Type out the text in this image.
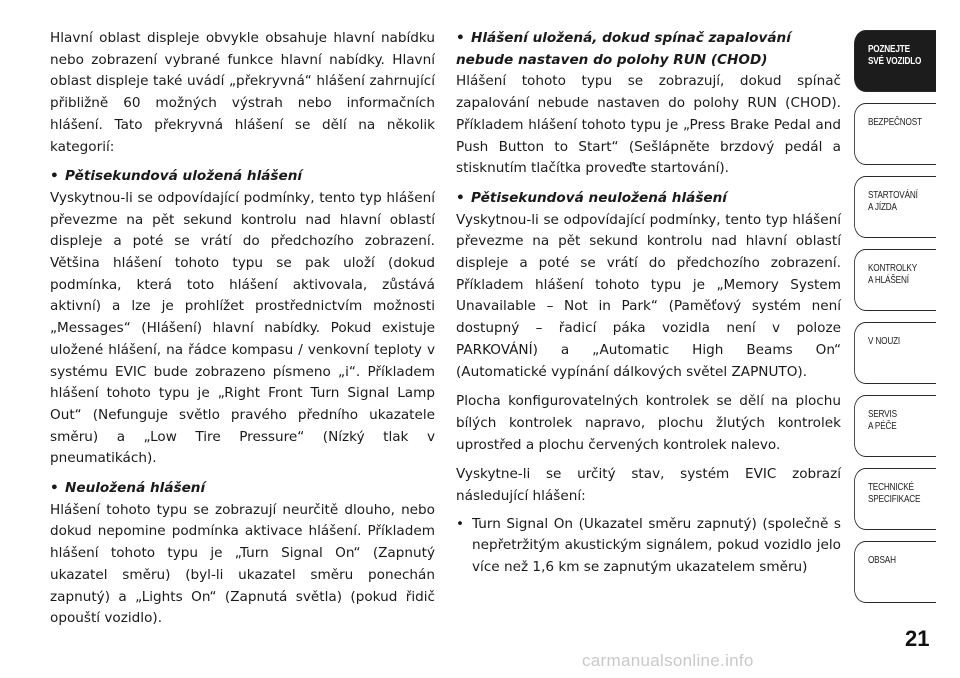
Hlavní oblast displeje obvykle obsahuje hlavní nabídku nebo zobrazení vybrané funkce hlavní nabídky. Hlavní oblast displeje také uvádí „překryvná“ hlášení zahrnující přibližně 60 možných výstrah nebo informačních hlášení. Tato překryvná hlášení se dělí na několik kategorií:

• Pětisekundová uložená hlášení

Vyskytnou-li se odpovídající podmínky, tento typ hlášení převezme na pět sekund kontrolu nad hlavní oblastí displeje a poté se vrátí do předchozího zobrazení. Většina hlášení tohoto typu se pak uloží (dokud podmínka, která toto hlášení aktivovala, zůstává aktivní) a lze je prohlížet prostřednictvím možnosti „Messages“ (Hlášení) hlavní nabídky. Pokud existuje uložené hlášení, na řádce kompasu / venkovní teploty v systému EVIC bude zobrazeno písmeno „i“. Příkladem hlášení tohoto typu je „Right Front Turn Signal Lamp Out“ (Nefunguje světlo pravého předního ukazatele směru) a „Low Tire Pressure“ (Nízký tlak v pneumatikách).

• Neuložená hlášení

Hlášení tohoto typu se zobrazují neurčitě dlouho, nebo dokud nepomine podmínka aktivace hlášení. Příkladem hlášení tohoto typu je „Turn Signal On“ (Zapnutý ukazatel směru) (byl-li ukazatel směru ponechán zapnutý) a „Lights On“ (Zapnutá světla) (pokud řidič opouští vozidlo).

• Hlášení uložená, dokud spínač zapalování
nebude nastaven do polohy RUN (CHOD)

Hlášení tohoto typu se zobrazují, dokud spínač zapalování nebude nastaven do polohy RUN (CHOD). Příkladem hlášení tohoto typu je „Press Brake Pedal and Push Button to Start“ (Sešlápněte brzdový pedál a stisknutím tlačítka proveďte startování).

• Pětisekundová neuložená hlášení

Vyskytnou-li se odpovídající podmínky, tento typ hlášení převezme na pět sekund kontrolu nad hlavní oblastí displeje a poté se vrátí do předchozího zobrazení. Příkladem hlášení tohoto typu je „Memory System Unavailable – Not in Park“ (Paměťový systém není dostupný – řadicí páka vozidla není v poloze PARKOVÁNÍ) a „Automatic High Beams On“ (Automatické vypínání dálkových světel ZAPNUTO).

Plocha konfigurovatelných kontrolek se dělí na plochu bílých kontrolek napravo, plochu žlutých kontrolek uprostřed a plochu červených kontrolek nalevo.

Vyskytne-li se určitý stav, systém EVIC zobrazí následující hlášení:

• Turn Signal On (Ukazatel směru zapnutý) (společně s nepřetržitým akustickým signálem, pokud vozidlo jelo více než 1,6 km se zapnutým ukazatelem směru)
POZNEJTE
SVÉ VOZIDLO
BEZPEČNOST
STARTOVÁNÍ
A JÍZDA
KONTROLKY
A HLÁŠENÍ
V NOUZI
SERVIS
A PÉČE
TECHNICKÉ
SPECIFIKACE
OBSAH
21
carmanualsonline.info
